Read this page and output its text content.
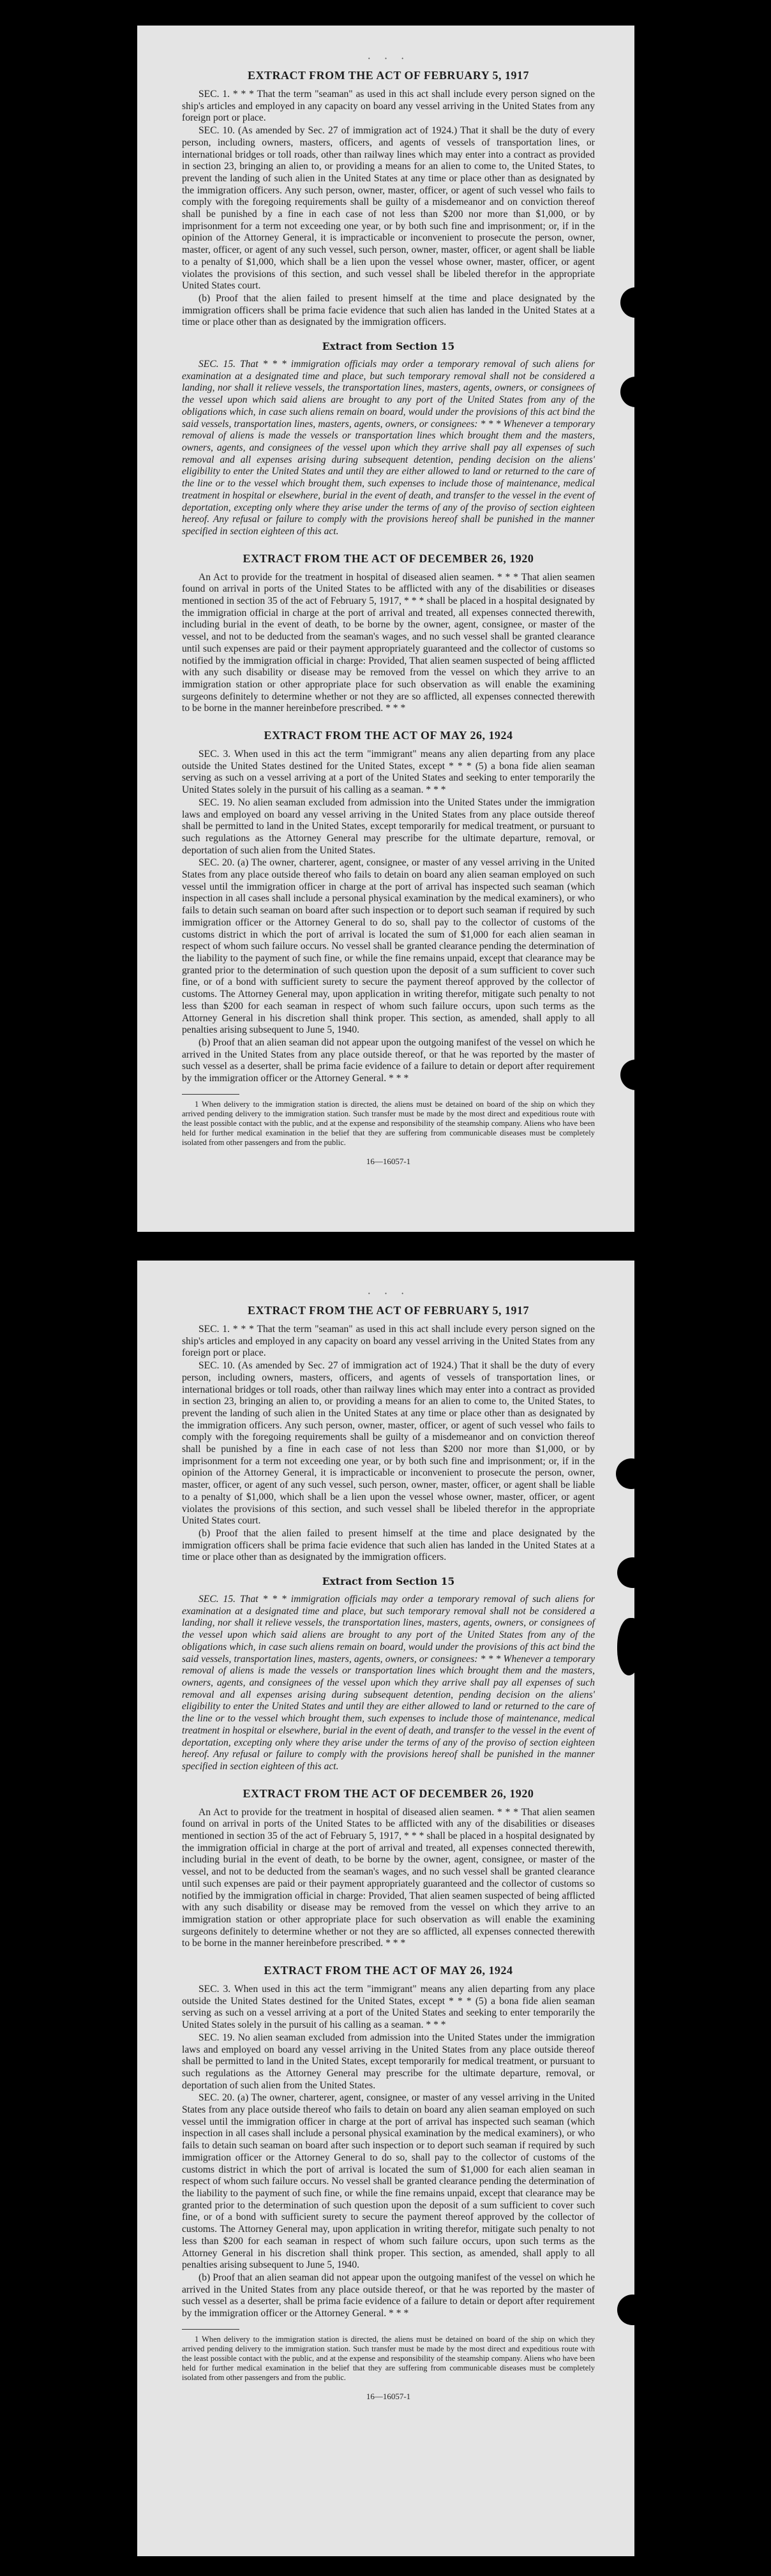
· · ·
EXTRACT FROM THE ACT OF FEBRUARY 5, 1917

SEC. 1. * * * That the term "seaman" as used in this act shall include every person signed on the ship's articles and employed in any capacity on board any vessel arriving in the United States from any foreign port or place.

SEC. 10. (As amended by Sec. 27 of immigration act of 1924.) That it shall be the duty of every person, including owners, masters, officers, and agents of vessels of transportation lines, or international bridges or toll roads, other than railway lines which may enter into a contract as provided in section 23, bringing an alien to, or providing a means for an alien to come to, the United States, to prevent the landing of such alien in the United States at any time or place other than as designated by the immigration officers. Any such person, owner, master, officer, or agent of such vessel who fails to comply with the foregoing requirements shall be guilty of a misdemeanor and on conviction thereof shall be punished by a fine in each case of not less than $200 nor more than $1,000, or by imprisonment for a term not exceeding one year, or by both such fine and imprisonment; or, if in the opinion of the Attorney General, it is impracticable or inconvenient to prosecute the person, owner, master, officer, or agent of any such vessel, such person, owner, master, officer, or agent shall be liable to a penalty of $1,000, which shall be a lien upon the vessel whose owner, master, officer, or agent violates the provisions of this section, and such vessel shall be libeled therefor in the appropriate United States court.

(b) Proof that the alien failed to present himself at the time and place designated by the immigration officers shall be prima facie evidence that such alien has landed in the United States at a time or place other than as designated by the immigration officers.

Extract from Section 15

SEC. 15. That * * * immigration officials may order a temporary removal of such aliens for examination at a designated time and place, but such temporary removal shall not be considered a landing, nor shall it relieve vessels, the transportation lines, masters, agents, owners, or consignees of the vessel upon which said aliens are brought to any port of the United States from any of the obligations which, in case such aliens remain on board, would under the provisions of this act bind the said vessels, transportation lines, masters, agents, owners, or consignees: * * * Whenever a temporary removal of aliens is made the vessels or transportation lines which brought them and the masters, owners, agents, and consignees of the vessel upon which they arrive shall pay all expenses of such removal and all expenses arising during subsequent detention, pending decision on the aliens' eligibility to enter the United States and until they are either allowed to land or returned to the care of the line or to the vessel which brought them, such expenses to include those of maintenance, medical treatment in hospital or elsewhere, burial in the event of death, and transfer to the vessel in the event of deportation, excepting only where they arise under the terms of any of the proviso of section eighteen hereof. Any refusal or failure to comply with the provisions hereof shall be punished in the manner specified in section eighteen of this act.

EXTRACT FROM THE ACT OF DECEMBER 26, 1920

An Act to provide for the treatment in hospital of diseased alien seamen. * * * That alien seamen found on arrival in ports of the United States to be afflicted with any of the disabilities or diseases mentioned in section 35 of the act of February 5, 1917, * * * shall be placed in a hospital designated by the immigration official in charge at the port of arrival and treated, all expenses connected therewith, including burial in the event of death, to be borne by the owner, agent, consignee, or master of the vessel, and not to be deducted from the seaman's wages, and no such vessel shall be granted clearance until such expenses are paid or their payment appropriately guaranteed and the collector of customs so notified by the immigration official in charge: Provided, That alien seamen suspected of being afflicted with any such disability or disease may be removed from the vessel on which they arrive to an immigration station or other appropriate place for such observation as will enable the examining surgeons definitely to determine whether or not they are so afflicted, all expenses connected therewith to be borne in the manner hereinbefore prescribed. * * *

EXTRACT FROM THE ACT OF MAY 26, 1924

SEC. 3. When used in this act the term "immigrant" means any alien departing from any place outside the United States destined for the United States, except * * * (5) a bona fide alien seaman serving as such on a vessel arriving at a port of the United States and seeking to enter temporarily the United States solely in the pursuit of his calling as a seaman. * * *

SEC. 19. No alien seaman excluded from admission into the United States under the immigration laws and employed on board any vessel arriving in the United States from any place outside thereof shall be permitted to land in the United States, except temporarily for medical treatment, or pursuant to such regulations as the Attorney General may prescribe for the ultimate departure, removal, or deportation of such alien from the United States.

SEC. 20. (a) The owner, charterer, agent, consignee, or master of any vessel arriving in the United States from any place outside thereof who fails to detain on board any alien seaman employed on such vessel until the immigration officer in charge at the port of arrival has inspected such seaman (which inspection in all cases shall include a personal physical examination by the medical examiners), or who fails to detain such seaman on board after such inspection or to deport such seaman if required by such immigration officer or the Attorney General to do so, shall pay to the collector of customs of the customs district in which the port of arrival is located the sum of $1,000 for each alien seaman in respect of whom such failure occurs. No vessel shall be granted clearance pending the determination of the liability to the payment of such fine, or while the fine remains unpaid, except that clearance may be granted prior to the determination of such question upon the deposit of a sum sufficient to cover such fine, or of a bond with sufficient surety to secure the payment thereof approved by the collector of customs. The Attorney General may, upon application in writing therefor, mitigate such penalty to not less than $200 for each seaman in respect of whom such failure occurs, upon such terms as the Attorney General in his discretion shall think proper. This section, as amended, shall apply to all penalties arising subsequent to June 5, 1940.

(b) Proof that an alien seaman did not appear upon the outgoing manifest of the vessel on which he arrived in the United States from any place outside thereof, or that he was reported by the master of such vessel as a deserter, shall be prima facie evidence of a failure to detain or deport after requirement by the immigration officer or the Attorney General. * * *

1 When delivery to the immigration station is directed, the aliens must be detained on board of the ship on which they arrived pending delivery to the immigration station. Such transfer must be made by the most direct and expeditious route with the least possible contact with the public, and at the expense and responsibility of the steamship company. Aliens who have been held for further medical examination in the belief that they are suffering from communicable diseases must be completely isolated from other passengers and from the public.

16—16057-1
· · ·
EXTRACT FROM THE ACT OF FEBRUARY 5, 1917

SEC. 1. * * * That the term "seaman" as used in this act shall include every person signed on the ship's articles and employed in any capacity on board any vessel arriving in the United States from any foreign port or place.

SEC. 10. (As amended by Sec. 27 of immigration act of 1924.) That it shall be the duty of every person, including owners, masters, officers, and agents of vessels of transportation lines, or international bridges or toll roads, other than railway lines which may enter into a contract as provided in section 23, bringing an alien to, or providing a means for an alien to come to, the United States, to prevent the landing of such alien in the United States at any time or place other than as designated by the immigration officers. Any such person, owner, master, officer, or agent of such vessel who fails to comply with the foregoing requirements shall be guilty of a misdemeanor and on conviction thereof shall be punished by a fine in each case of not less than $200 nor more than $1,000, or by imprisonment for a term not exceeding one year, or by both such fine and imprisonment; or, if in the opinion of the Attorney General, it is impracticable or inconvenient to prosecute the person, owner, master, officer, or agent of any such vessel, such person, owner, master, officer, or agent shall be liable to a penalty of $1,000, which shall be a lien upon the vessel whose owner, master, officer, or agent violates the provisions of this section, and such vessel shall be libeled therefor in the appropriate United States court.

(b) Proof that the alien failed to present himself at the time and place designated by the immigration officers shall be prima facie evidence that such alien has landed in the United States at a time or place other than as designated by the immigration officers.

Extract from Section 15

SEC. 15. That * * * immigration officials may order a temporary removal of such aliens for examination at a designated time and place, but such temporary removal shall not be considered a landing, nor shall it relieve vessels, the transportation lines, masters, agents, owners, or consignees of the vessel upon which said aliens are brought to any port of the United States from any of the obligations which, in case such aliens remain on board, would under the provisions of this act bind the said vessels, transportation lines, masters, agents, owners, or consignees: * * * Whenever a temporary removal of aliens is made the vessels or transportation lines which brought them and the masters, owners, agents, and consignees of the vessel upon which they arrive shall pay all expenses of such removal and all expenses arising during subsequent detention, pending decision on the aliens' eligibility to enter the United States and until they are either allowed to land or returned to the care of the line or to the vessel which brought them, such expenses to include those of maintenance, medical treatment in hospital or elsewhere, burial in the event of death, and transfer to the vessel in the event of deportation, excepting only where they arise under the terms of any of the proviso of section eighteen hereof. Any refusal or failure to comply with the provisions hereof shall be punished in the manner specified in section eighteen of this act.

EXTRACT FROM THE ACT OF DECEMBER 26, 1920

An Act to provide for the treatment in hospital of diseased alien seamen. * * * That alien seamen found on arrival in ports of the United States to be afflicted with any of the disabilities or diseases mentioned in section 35 of the act of February 5, 1917, * * * shall be placed in a hospital designated by the immigration official in charge at the port of arrival and treated, all expenses connected therewith, including burial in the event of death, to be borne by the owner, agent, consignee, or master of the vessel, and not to be deducted from the seaman's wages, and no such vessel shall be granted clearance until such expenses are paid or their payment appropriately guaranteed and the collector of customs so notified by the immigration official in charge: Provided, That alien seamen suspected of being afflicted with any such disability or disease may be removed from the vessel on which they arrive to an immigration station or other appropriate place for such observation as will enable the examining surgeons definitely to determine whether or not they are so afflicted, all expenses connected therewith to be borne in the manner hereinbefore prescribed. * * *

EXTRACT FROM THE ACT OF MAY 26, 1924

SEC. 3. When used in this act the term "immigrant" means any alien departing from any place outside the United States destined for the United States, except * * * (5) a bona fide alien seaman serving as such on a vessel arriving at a port of the United States and seeking to enter temporarily the United States solely in the pursuit of his calling as a seaman. * * *

SEC. 19. No alien seaman excluded from admission into the United States under the immigration laws and employed on board any vessel arriving in the United States from any place outside thereof shall be permitted to land in the United States, except temporarily for medical treatment, or pursuant to such regulations as the Attorney General may prescribe for the ultimate departure, removal, or deportation of such alien from the United States.

SEC. 20. (a) The owner, charterer, agent, consignee, or master of any vessel arriving in the United States from any place outside thereof who fails to detain on board any alien seaman employed on such vessel until the immigration officer in charge at the port of arrival has inspected such seaman (which inspection in all cases shall include a personal physical examination by the medical examiners), or who fails to detain such seaman on board after such inspection or to deport such seaman if required by such immigration officer or the Attorney General to do so, shall pay to the collector of customs of the customs district in which the port of arrival is located the sum of $1,000 for each alien seaman in respect of whom such failure occurs. No vessel shall be granted clearance pending the determination of the liability to the payment of such fine, or while the fine remains unpaid, except that clearance may be granted prior to the determination of such question upon the deposit of a sum sufficient to cover such fine, or of a bond with sufficient surety to secure the payment thereof approved by the collector of customs. The Attorney General may, upon application in writing therefor, mitigate such penalty to not less than $200 for each seaman in respect of whom such failure occurs, upon such terms as the Attorney General in his discretion shall think proper. This section, as amended, shall apply to all penalties arising subsequent to June 5, 1940.

(b) Proof that an alien seaman did not appear upon the outgoing manifest of the vessel on which he arrived in the United States from any place outside thereof, or that he was reported by the master of such vessel as a deserter, shall be prima facie evidence of a failure to detain or deport after requirement by the immigration officer or the Attorney General. * * *

1 When delivery to the immigration station is directed, the aliens must be detained on board of the ship on which they arrived pending delivery to the immigration station. Such transfer must be made by the most direct and expeditious route with the least possible contact with the public, and at the expense and responsibility of the steamship company. Aliens who have been held for further medical examination in the belief that they are suffering from communicable diseases must be completely isolated from other passengers and from the public.

16—16057-1
